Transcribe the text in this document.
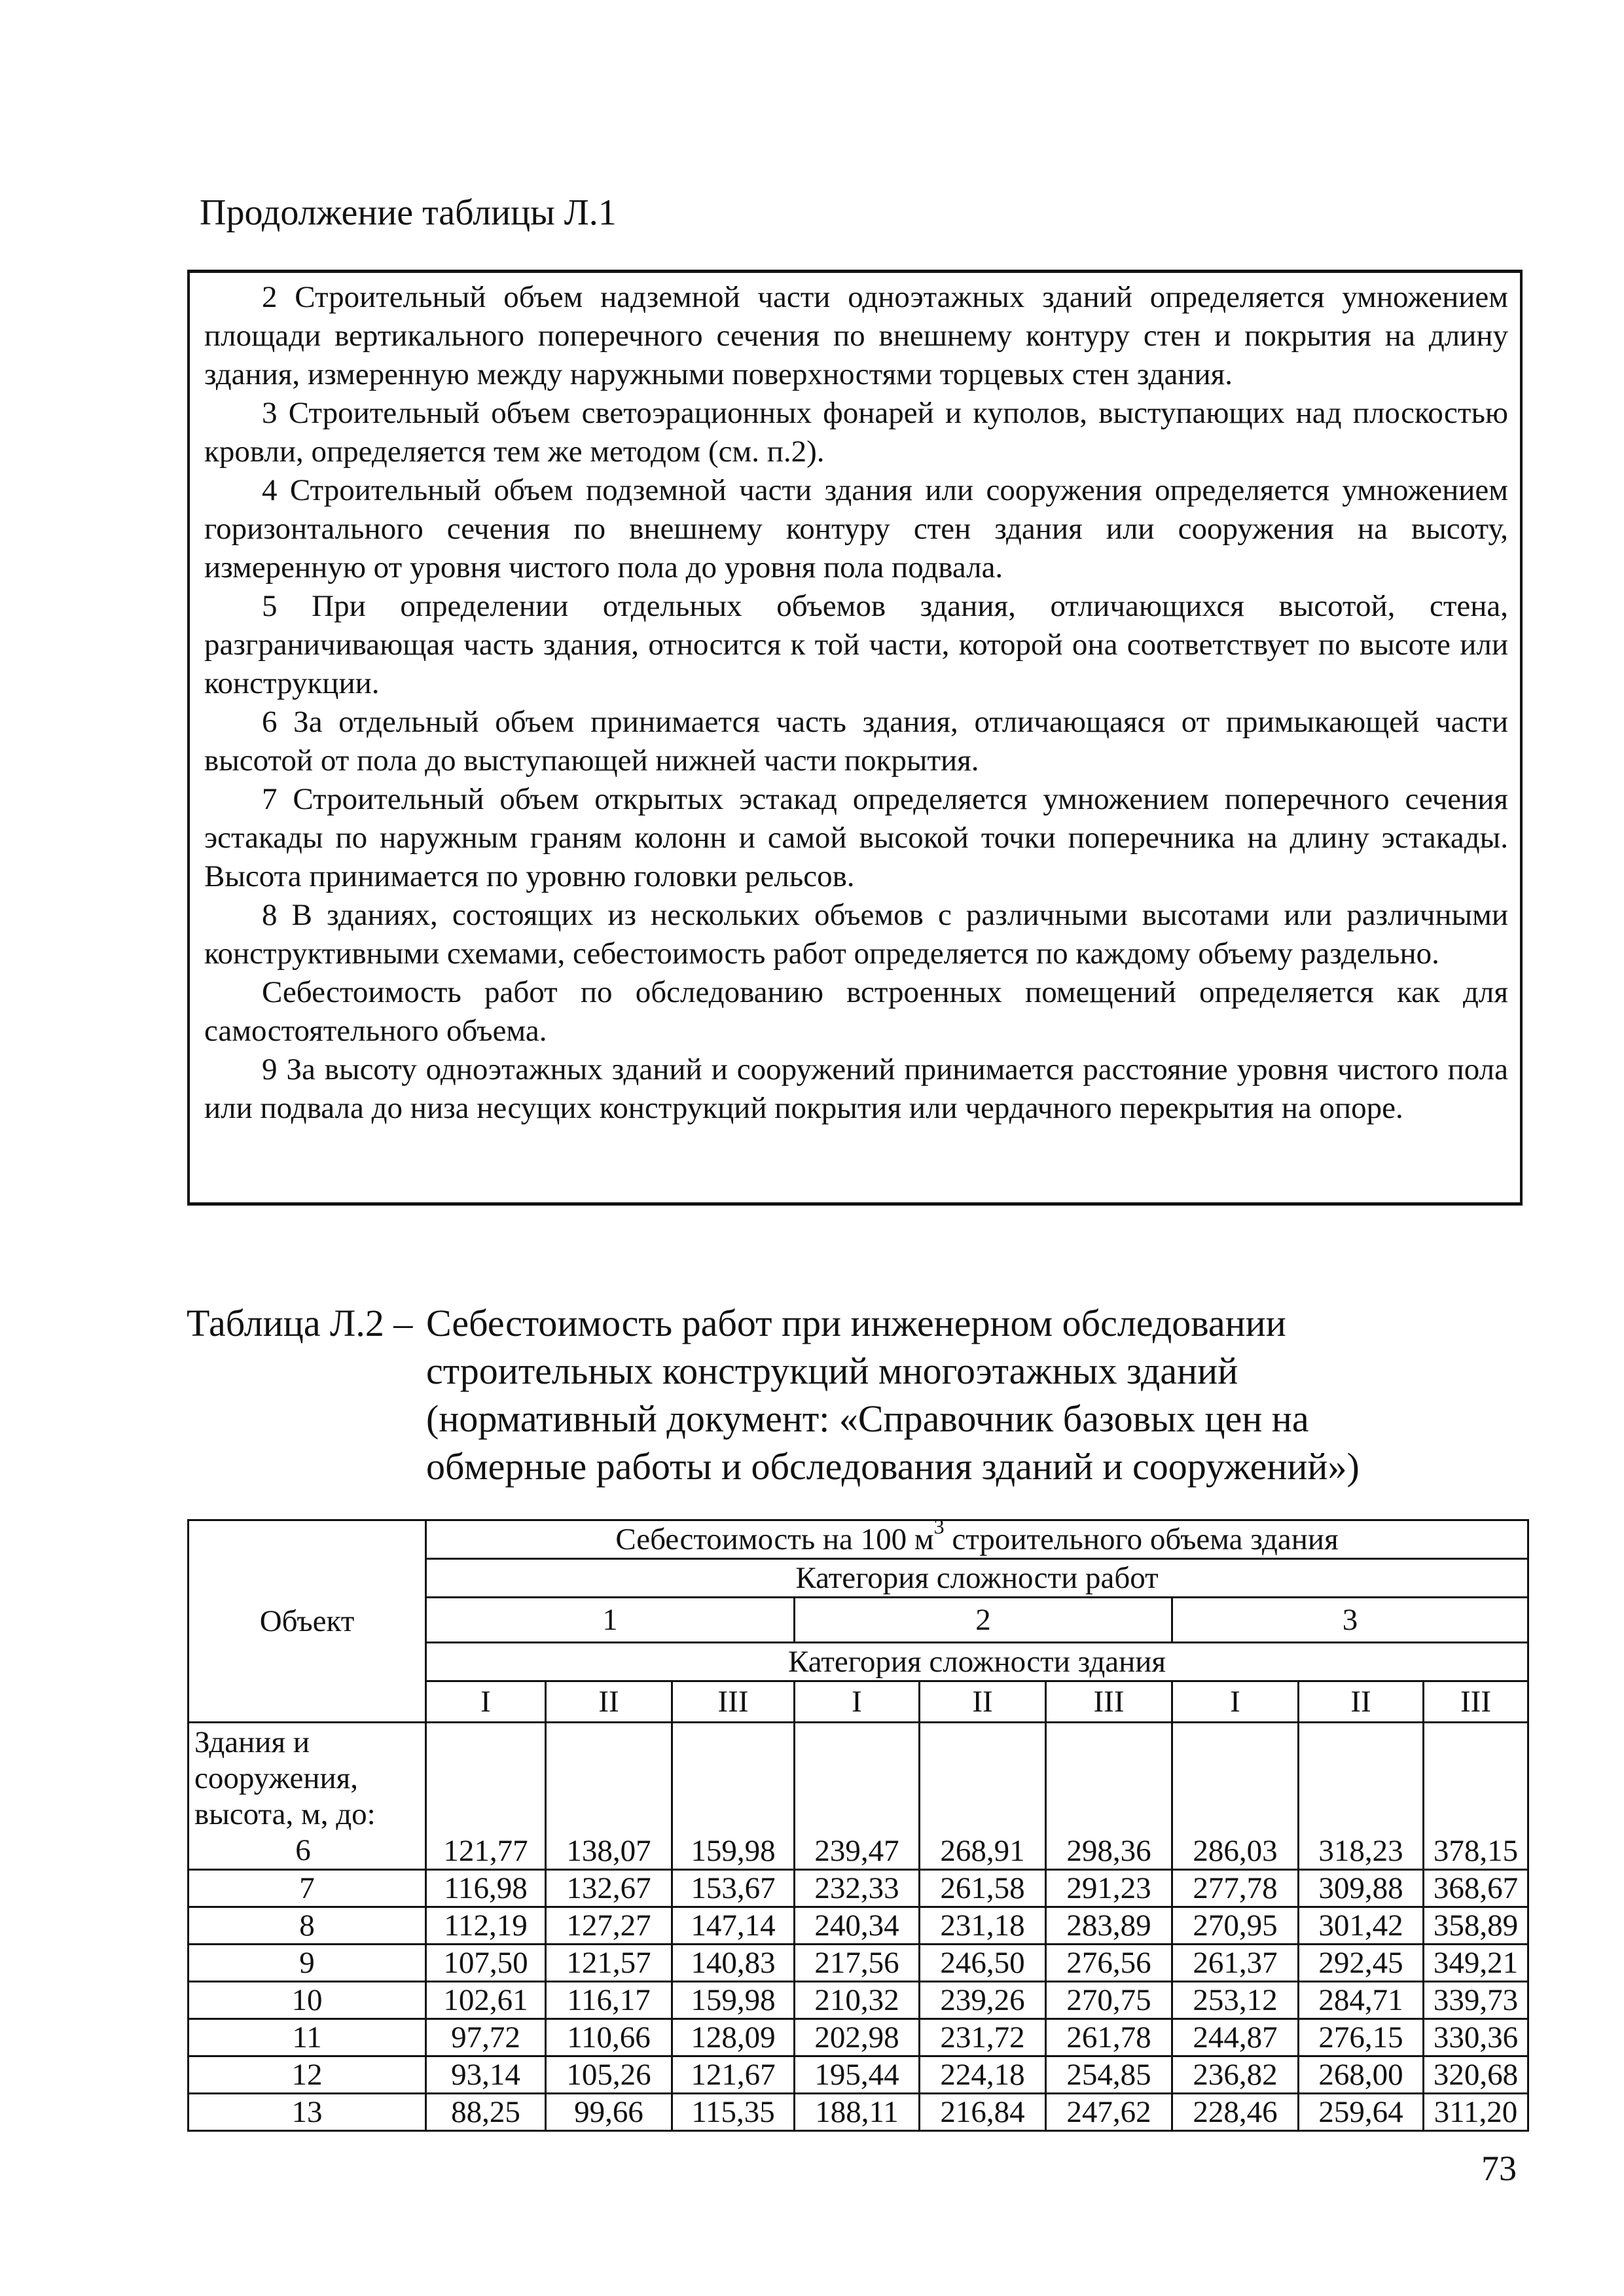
Продолжение таблицы Л.1

2 Строительный объем надземной части одноэтажных зданий определяется умножением площади вертикального поперечного сечения по внешнему контуру стен и покрытия на длину здания, измеренную между наружными поверхностями торцевых стен здания.

3 Строительный объем светоэрационных фонарей и куполов, выступающих над плоскостью кровли, определяется тем же методом (см. п.2).

4 Строительный объем подземной части здания или сооружения определяется умножением горизонтального сечения по внешнему контуру стен здания или сооружения на высоту, измеренную от уровня чистого пола до уровня пола подвала.

5 При определении отдельных объемов здания, отличающихся высотой, стена, разграничивающая часть здания, относится к той части, которой она соответствует по высоте или конструкции.

6 За отдельный объем принимается часть здания, отличающаяся от примыкающей части высотой от пола до выступающей нижней части покрытия.

7 Строительный объем открытых эстакад определяется умножением поперечного сечения эстакады по наружным граням колонн и самой высокой точки поперечника на длину эстакады. Высота принимается по уровню головки рельсов.

8 В зданиях, состоящих из нескольких объемов с различными высотами или различными конструктивными схемами, себестоимость работ определяется по каждому объему раздельно.

Себестоимость работ по обследованию встроенных помещений определяется как для самостоятельного объема.

9 За высоту одноэтажных зданий и сооружений принимается расстояние уровня чистого пола или подвала до низа несущих конструкций покрытия или чердачного перекрытия на опоре.

Таблица Л.2 – Себестоимость работ при инженерном обследовании
строительных конструкций многоэтажных зданий
(нормативный документ: «Справочник базовых цен на
обмерные работы и обследования зданий и сооружений»)
Объект	Себестоимость на 100 $м^3$ строительного объема здания								
	Категория сложности работ								
	1			2			3		
	Категория сложности здания								
	I	II	III	I	II	III	I	II	III

Здания и сооружения, высота, м, до:
6	121,77	138,07	159,98	239,47	268,91	298,36	286,03	318,23	378,15
7	116,98	132,67	153,67	232,33	261,58	291,23	277,78	309,88	368,67
8	112,19	127,27	147,14	240,34	231,18	283,89	270,95	301,42	358,89
9	107,50	121,57	140,83	217,56	246,50	276,56	261,37	292,45	349,21
10	102,61	116,17	159,98	210,32	239,26	270,75	253,12	284,71	339,73
11	97,72	110,66	128,09	202,98	231,72	261,78	244,87	276,15	330,36
12	93,14	105,26	121,67	195,44	224,18	254,85	236,82	268,00	320,68
13	88,25	99,66	115,35	188,11	216,84	247,62	228,46	259,64	311,20
73
